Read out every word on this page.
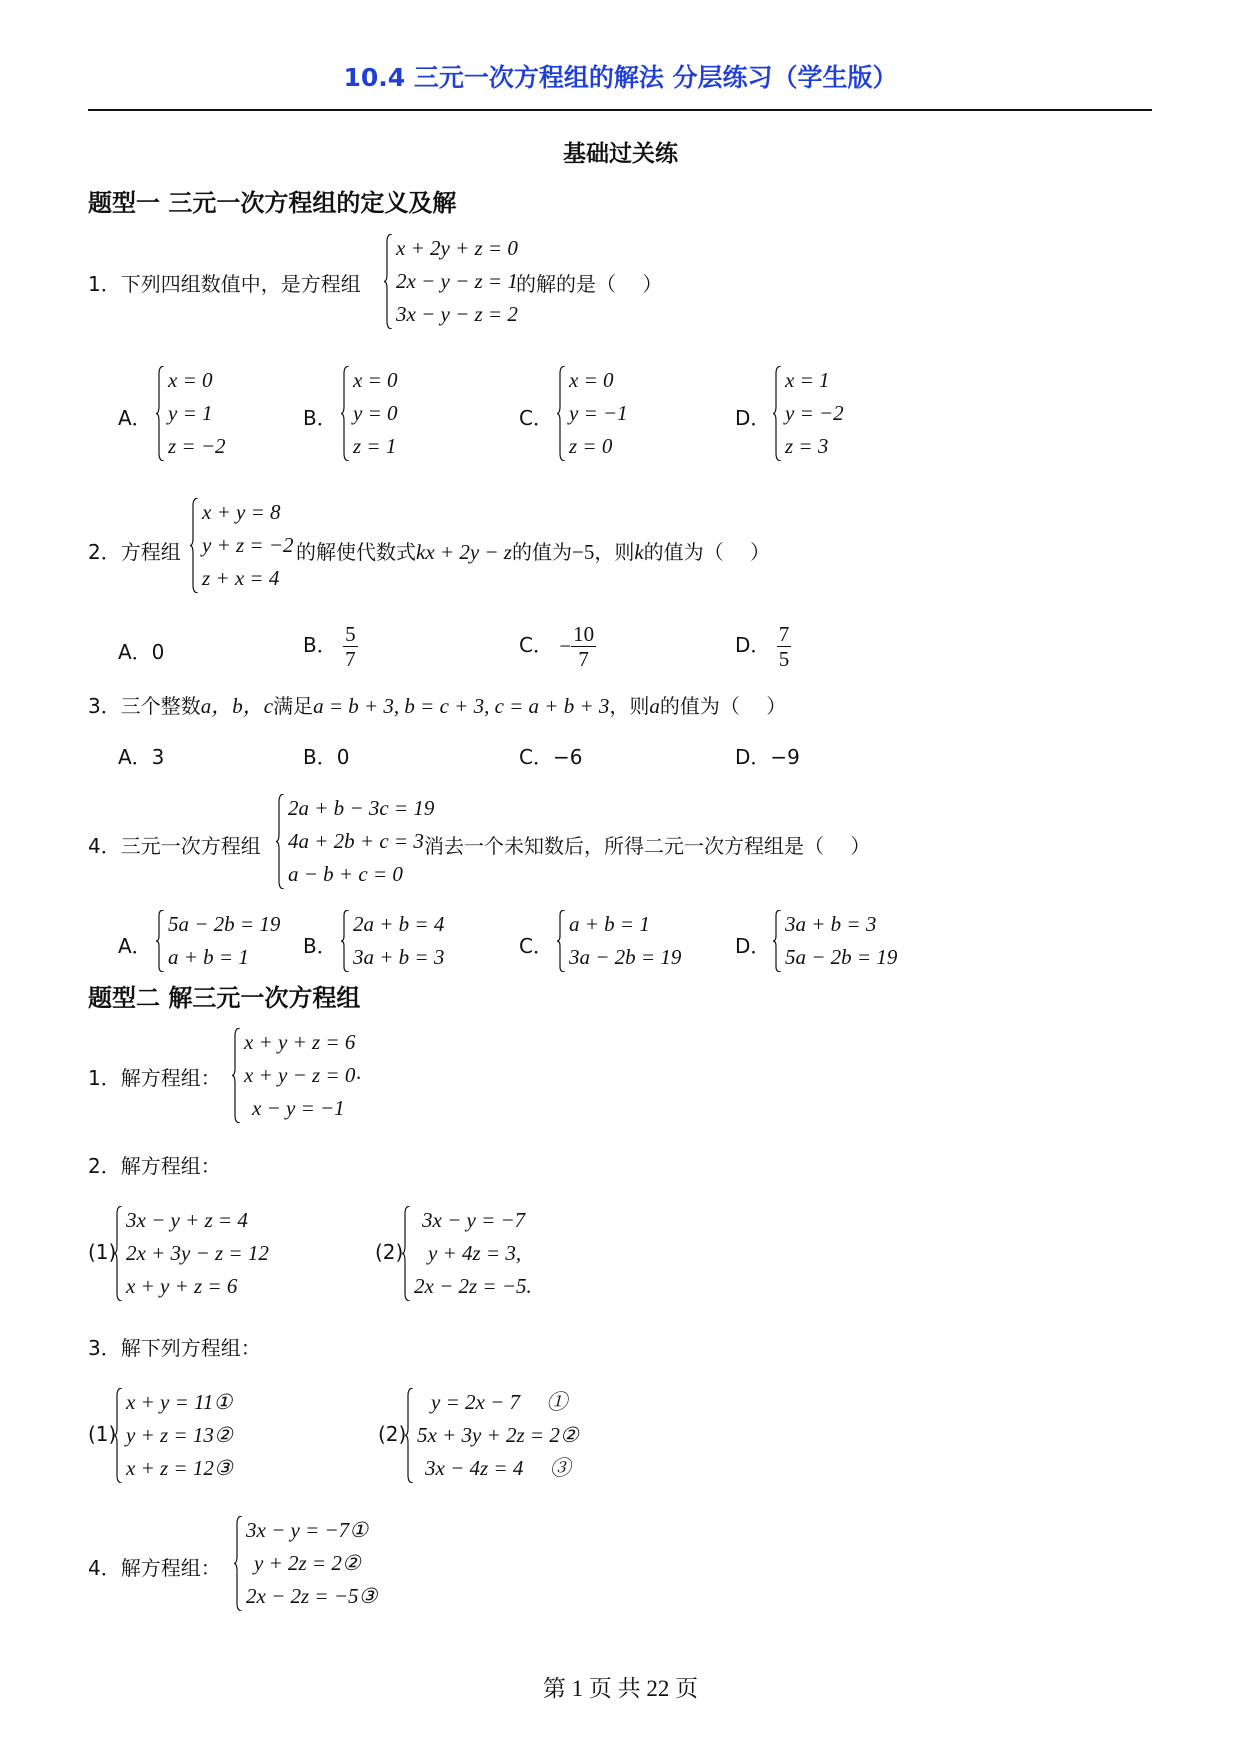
10.4 三元一次方程组的解法 分层练习（学生版）
基础过关练
题型一 三元一次方程组的定义及解
1．下列四组数值中，是方程组
x + 2y + z = 0
2x − y − z = 1
3x − y − z = 2
的解的是（　 ）
A．
x = 0
y = 1
z = −2
B．
x = 0
y = 0
z = 1
C．
x = 0
y = −1
z = 0
D．
x = 1
y = −2
z = 3
2．方程组
x + y = 8
y + z = −2
z + x = 4
的解使代数式kx + 2y − z的值为−5，则k的值为（　 ）
A．0	B． $\frac{5}{7}$	C． − $\frac{10}{7}$	D． $\frac{7}{5}$
3．三个整数a，b，c满足a = b + 3, b = c + 3, c = a + b + 3，则a的值为（　 ）
A．3	B．0	C．−6	D．−9
4．三元一次方程组
2a + b − 3c = 19
4a + 2b + c = 3
a − b + c = 0
消去一个未知数后，所得二元一次方程组是（　 ）
A．
5a − 2b = 19
a + b = 1	B．
2a + b = 4
3a + b = 3	C．
a + b = 1
3a − 2b = 19	D．
3a + b = 3
5a − 2b = 19
题型二 解三元一次方程组
1．解方程组：
x + y + z = 6
x + y − z = 0
x − y = −1
.
2．解方程组：
(1)
3x − y + z = 4
2x + 3y − z = 12
x + y + z = 6
(2)
3x − y = −7
y + 4z = 3,
2x − 2z = −5.
3．解下列方程组：
(1)
x + y = 11①
y + z = 13②
x + z = 12③
(2)
y = 2x − 7　 ①
5x + 3y + 2z = 2②
3x − 4z = 4　 ③
4．解方程组：
3x − y = −7①
y + 2z = 2②
2x − 2z = −5③
第 1 页 共 22 页
